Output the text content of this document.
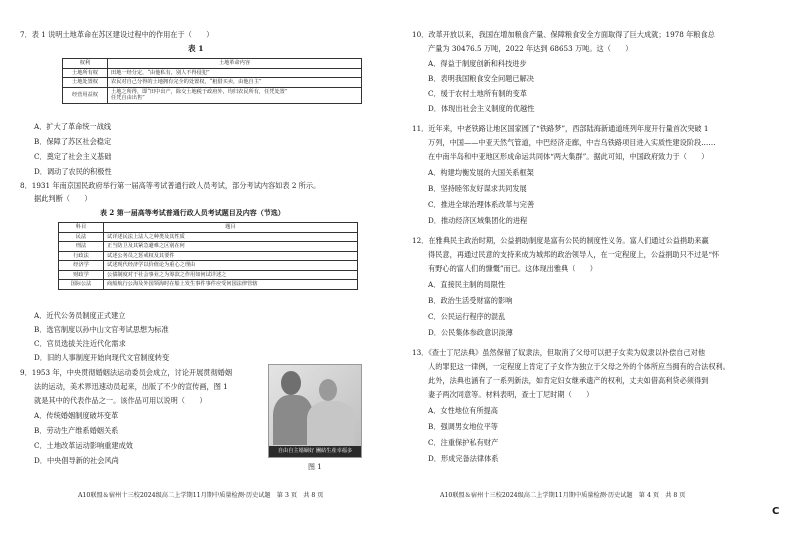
7．表 1 说明土地革命在苏区建设过程中的作用在于（　　）
表 1
权利	土地革命内容
土地所有权	田地一经分定，“由他私有，别人不得侵犯”
土地处置权	农民对自己分得的土地拥有完全的处置权，“租借买卖，由他自主”
经营用益权	土地之所得，即“田中出产，除交土地税于政府外，均归农民所有，任凭处置”
任凭自由出售”
A．扩大了革命统一战线
B．保障了苏区社会稳定
C．奠定了社会主义基础
D．调动了农民的积极性
8．1931 年南京国民政府举行第一届高等考试普通行政人员考试，部分考试内容如表 2 所示。
据此判断（　　）
表 2 第一届高等考试普通行政人员考试题目及内容（节选）
科目	题目
民法	试详述民法上法人之种类及其性质
刑法	正当防卫及其紧急避难之区别在何
行政法	试述公务员之惩戒权及其要件
经济学	试述现代经济学以价值论为重心之理由
财政学	公债制度对于社会事业之为筹款之作用如何试详述之
国际公法	商船航行公海及外国领海时在船上发生事件事件应受何国法律管辖
A．近代公务员制度正式建立
B．选官制度以孙中山文官考试思想为标准
C．官员选拔关注近代化需求
D．旧的人事制度开始向现代文官制度转变
9．1953 年，中央贯彻婚姻法运动委员会成立，讨论开展贯彻婚姻
法的运动，美术界迅速动员起来，出版了不少的宣传画，图 1
就是其中的代表作品之一。该作品可用以说明（　　）
A．传统婚姻制度破坏变革
B．劳动生产维系婚姻关系
C．土地改革运动影响重建成效
D．中央倡导新的社会风尚
自由自主婚姻好 團結生産幸福多
图 1
A10联盟＆宿州十三校2024级高二上学期11月期中质量检测·历史试题　第 3 页　共 8 页
10．改革开放以来，我国在增加粮食产量、保障粮食安全方面取得了巨大成就；1978 年粮食总
产量为 30476.5 万吨，2022 年达到 68653 万吨。这（　　）
A．得益于制度创新和科技进步
B．表明我国粮食安全问题已解决
C．缓于农村土地所有制的变革
D．体现出社会主义制度的优越性
11．近年来，中老铁路让地区国家圆了“铁路梦”，西部陆海新通道班列年度开行量首次突破 1
万列，中国——中亚天然气管道，中巴经济走廊，中吉乌铁路项目进入实质性建设阶段……
在中南半岛和中亚地区形成命运共同体“两大集群”。据此可知，中国政府致力于（　　）
A．构建均衡发展的大国关系框架
B．坚持睦邻友好谋求共同发展
C．推进全球治理体系改革与完善
D．推动经济区域集团化的进程
12．在雅典民主政治时期，公益捐助制度是富有公民的制度性义务。富人们通过公益捐助来赢
得民意，再通过民意的支持来成为城邦的政治领导人，在一定程度上，公益捐助只不过是“怀
有野心的富人们的慷慨”而已。这体现出雅典（　　）
A．直接民主制的局限性
B．政治生活受财富的影响
C．公民运行程序的混乱
D．公民集体参政意识淡薄
13．《查士丁尼法典》虽然保留了奴隶法，但取消了父母可以把子女卖为奴隶以补偿自己对他
人的罪犯这一律例，一定程度上肯定了子女作为独立于父母之外的个体所应当拥有的合法权利。
此外，法典也涵有了一系列新法，如肯定妇女继承遗产的权利，丈夫如借高利贷必须得到
妻子两次同意等。材料表明，查士丁尼时期（　　）
A．女性地位有所提高
B．强调男女地位平等
C．注重保护私有财产
D．形成完备法律体系
A10联盟＆宿州十三校2024级高二上学期11月期中质量检测·历史试题　第 4 页　共 8 页
C
